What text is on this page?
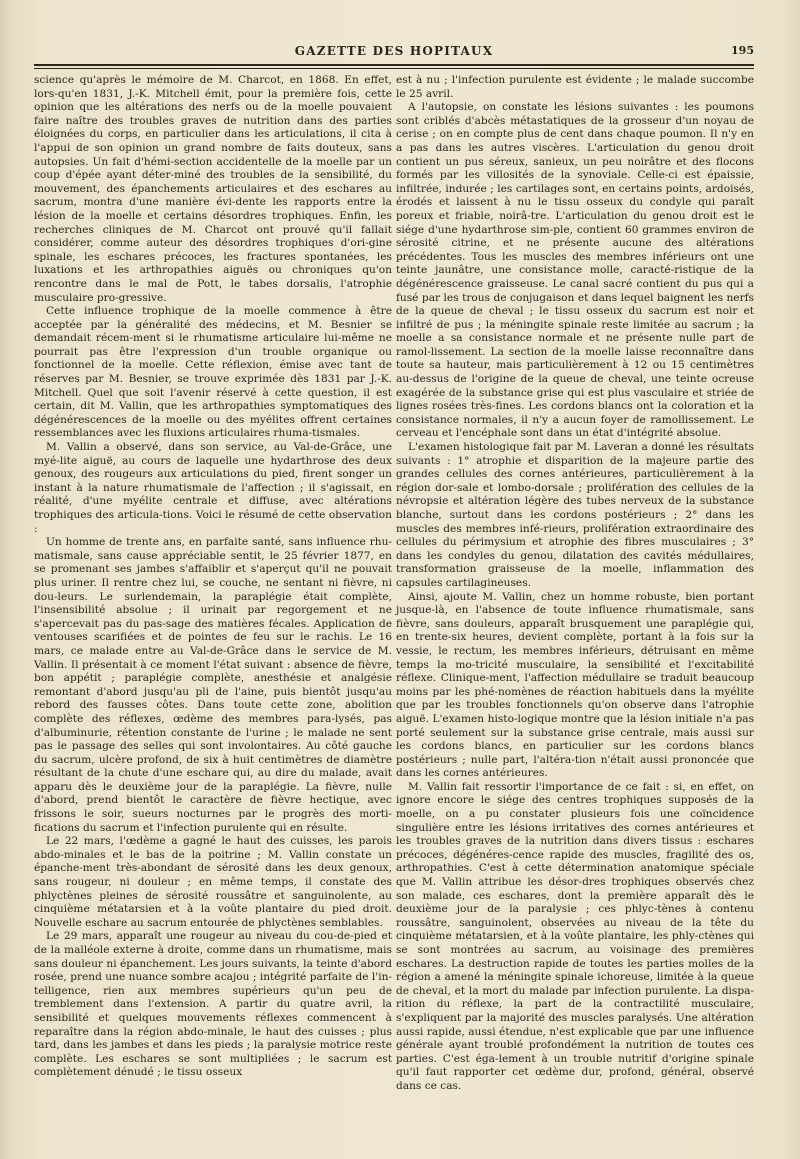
GAZETTE DES HOPITAUX	195

science qu'après le mémoire de M. Charcot, en 1868. En effet, lors-qu'en 1831, J.-K. Mitchell émit, pour la première fois, cette opinion que les altérations des nerfs ou de la moelle pouvaient faire naître des troubles graves de nutrition dans des parties éloignées du corps, en particulier dans les articulations, il cita à l'appui de son opinion un grand nombre de faits douteux, sans autopsies. Un fait d'hémi-section accidentelle de la moelle par un coup d'épée ayant déter-miné des troubles de la sensibilité, du mouvement, des épanchements articulaires et des eschares au sacrum, montra d'une manière évi-dente les rapports entre la lésion de la moelle et certains désordres trophiques. Enfin, les recherches cliniques de M. Charcot ont prouvé qu'il fallait considérer, comme auteur des désordres trophiques d'ori-gine spinale, les eschares précoces, les fractures spontanées, les luxations et les arthropathies aiguës ou chroniques qu'on rencontre dans le mal de Pott, le tabes dorsalis, l'atrophie musculaire pro-gressive.

Cette influence trophique de la moelle commence à être acceptée par la généralité des médecins, et M. Besnier se demandait récem-ment si le rhumatisme articulaire lui-même ne pourrait pas être l'expression d'un trouble organique ou fonctionnel de la moelle. Cette réflexion, émise avec tant de réserves par M. Besnier, se trouve exprimée dès 1831 par J.-K. Mitchell. Quel que soit l'avenir réservé à cette question, il est certain, dit M. Vallin, que les arthropathies symptomatiques des dégénérescences de la moelle ou des myélites offrent certaines ressemblances avec les fluxions articulaires rhuma-tismales.

M. Vallin a observé, dans son service, au Val-de-Grâce, une myé-lite aiguë, au cours de laquelle une hydarthrose des deux genoux, des rougeurs aux articulations du pied, firent songer un instant à la nature rhumatismale de l'affection ; il s'agissait, en réalité, d'une myélite centrale et diffuse, avec altérations trophiques des articula-tions. Voici le résumé de cette observation :

Un homme de trente ans, en parfaite santé, sans influence rhu-matismale, sans cause appréciable sentit, le 25 février 1877, en se promenant ses jambes s'affaiblir et s'aperçut qu'il ne pouvait plus uriner. Il rentre chez lui, se couche, ne sentant ni fièvre, ni dou-leurs. Le surlendemain, la paraplégie était complète, l'insensibilité absolue ; il urinait par regorgement et ne s'apercevait pas du pas-sage des matières fécales. Application de ventouses scarifiées et de pointes de feu sur le rachis. Le 16 mars, ce malade entre au Val-de-Grâce dans le service de M. Vallin. Il présentait à ce moment l'état suivant : absence de fièvre, bon appétit ; paraplégie complète, anesthésie et analgésie remontant d'abord jusqu'au pli de l'aine, puis bientôt jusqu'au rebord des fausses côtes. Dans toute cette zone, abolition complète des réflexes, œdème des membres para-lysés, pas d'albuminurie, rétention constante de l'urine ; le malade ne sent pas le passage des selles qui sont involontaires. Au côté gauche du sacrum, ulcère profond, de six à huit centimètres de diamètre résultant de la chute d'une eschare qui, au dire du malade, avait apparu dès le deuxième jour de la paraplégie. La fièvre, nulle d'abord, prend bientôt le caractère de fièvre hectique, avec frissons le soir, sueurs nocturnes par le progrès des morti-fications du sacrum et l'infection purulente qui en résulte.

Le 22 mars, l'œdème a gagné le haut des cuisses, les parois abdo-minales et le bas de la poitrine ; M. Vallin constate un épanche-ment très-abondant de sérosité dans les deux genoux, sans rougeur, ni douleur ; en même temps, il constate des phlyctènes pleines de sérosité roussâtre et sanguinolente, au cinquième métatarsien et à la voûte plantaire du pied droit. Nouvelle eschare au sacrum entourée de phlyctènes semblables.

Le 29 mars, apparaît une rougeur au niveau du cou-de-pied et de la malléole externe à droite, comme dans un rhumatisme, mais sans douleur ni épanchement. Les jours suivants, la teinte d'abord rosée, prend une nuance sombre acajou ; intégrité parfaite de l'in-telligence, rien aux membres supérieurs qu'un peu de tremblement dans l'extension. A partir du quatre avril, la sensibilité et quelques mouvements réflexes commencent à reparaître dans la région abdo-minale, le haut des cuisses ; plus tard, dans les jambes et dans les pieds ; la paralysie motrice reste complète. Les eschares se sont multipliées ; le sacrum est complètement dénudé ; le tissu osseux

est à nu ; l'infection purulente est évidente ; le malade succombe le 25 avril.

A l'autopsie, on constate les lésions suivantes : les poumons sont criblés d'abcès métastatiques de la grosseur d'un noyau de cerise ; on en compte plus de cent dans chaque poumon. Il n'y en a pas dans les autres viscères. L'articulation du genou droit contient un pus séreux, sanieux, un peu noirâtre et des flocons formés par les villosités de la synoviale. Celle-ci est épaissie, infiltrée, indurée ; les cartilages sont, en certains points, ardoisés, érodés et laissent à nu le tissu osseux du condyle qui paraît poreux et friable, noirâ-tre. L'articulation du genou droit est le siége d'une hydarthrose sim-ple, contient 60 grammes environ de sérosité citrine, et ne présente aucune des altérations précédentes. Tous les muscles des membres inférieurs ont une teinte jaunâtre, une consistance molle, caracté-ristique de la dégénérescence graisseuse. Le canal sacré contient du pus qui a fusé par les trous de conjugaison et dans lequel baignent les nerfs de la queue de cheval ; le tissu osseux du sacrum est noir et infiltré de pus ; la méningite spinale reste limitée au sacrum ; la moelle a sa consistance normale et ne présente nulle part de ramol-lissement. La section de la moelle laisse reconnaître dans toute sa hauteur, mais particulièrement à 12 ou 15 centimètres au-dessus de l'origine de la queue de cheval, une teinte ocreuse exagérée de la substance grise qui est plus vasculaire et striée de lignes rosées très-fines. Les cordons blancs ont la coloration et la consistance normales, il n'y a aucun foyer de ramollissement. Le cerveau et l'encéphale sont dans un état d'intégrité absolue.

L'examen histologique fait par M. Laveran a donné les résultats suivants : 1° atrophie et disparition de la majeure partie des grandes cellules des cornes antérieures, particulièrement à la région dor-sale et lombo-dorsale ; prolifération des cellules de la névropsie et altération légère des tubes nerveux de la substance blanche, surtout dans les cordons postérieurs ; 2° dans les muscles des membres infé-rieurs, prolifération extraordinaire des cellules du périmysium et atrophie des fibres musculaires ; 3° dans les condyles du genou, dilatation des cavités médullaires, transformation graisseuse de la moelle, inflammation des capsules cartilagineuses.

Ainsi, ajoute M. Vallin, chez un homme robuste, bien portant jusque-là, en l'absence de toute influence rhumatismale, sans fièvre, sans douleurs, apparaît brusquement une paraplégie qui, en trente-six heures, devient complète, portant à la fois sur la vessie, le rectum, les membres inférieurs, détruisant en même temps la mo-tricité musculaire, la sensibilité et l'excitabilité réflexe. Clinique-ment, l'affection médullaire se traduit beaucoup moins par les phé-nomènes de réaction habituels dans la myélite que par les troubles fonctionnels qu'on observe dans l'atrophie aiguë. L'examen histo-logique montre que la lésion initiale n'a pas porté seulement sur la substance grise centrale, mais aussi sur les cordons blancs, en particulier sur les cordons blancs postérieurs ; nulle part, l'altéra-tion n'était aussi prononcée que dans les cornes antérieures.

M. Vallin fait ressortir l'importance de ce fait : si, en effet, on ignore encore le siége des centres trophiques supposés de la moelle, on a pu constater plusieurs fois une coïncidence singulière entre les lésions irritatives des cornes antérieures et les troubles graves de la nutrition dans divers tissus : eschares précoces, dégénéres-cence rapide des muscles, fragilité des os, arthropathies. C'est à cette détermination anatomique spéciale que M. Vallin attribue les désor-dres trophiques observés chez son malade, ces eschares, dont la première apparaît dès le deuxième jour de la paralysie ; ces phlyc-tènes à contenu roussâtre, sanguinolent, observées au niveau de la tête du cinquième métatarsien, et à la voûte plantaire, les phly-ctènes qui se sont montrées au sacrum, au voisinage des premières eschares. La destruction rapide de toutes les parties molles de la région a amené la méningite spinale ichoreuse, limitée à la queue de cheval, et la mort du malade par infection purulente. La dispa-rition du réflexe, la part de la contractilité musculaire, s'expliquent par la majorité des muscles paralysés. Une altération aussi rapide, aussi étendue, n'est explicable que par une influence générale ayant troublé profondément la nutrition de toutes ces parties. C'est éga-lement à un trouble nutritif d'origine spinale qu'il faut rapporter cet œdème dur, profond, général, observé dans ce cas.
